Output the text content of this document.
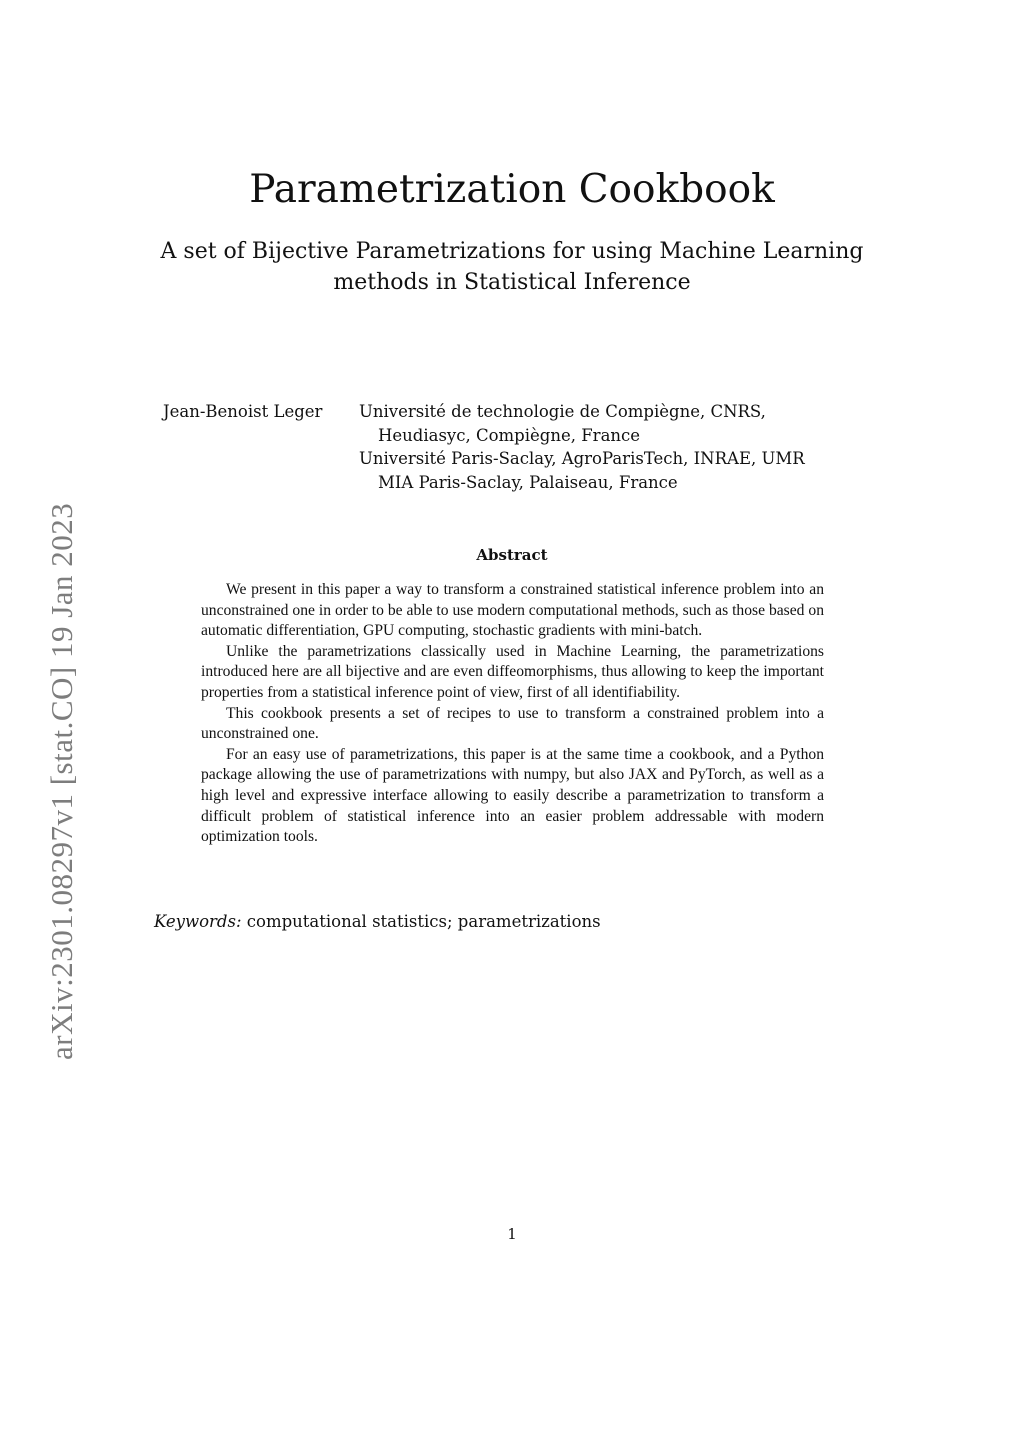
arXiv:2301.08297v1 [stat.CO] 19 Jan 2023
Parametrization Cookbook
A set of Bijective Parametrizations for using Machine Learning methods in Statistical Inference
Jean-Benoist Leger Université de technologie de Compiègne, CNRS, Heudiasyc, Compiègne, France
Université Paris-Saclay, AgroParisTech, INRAE, UMR MIA Paris-Saclay, Palaiseau, France
Abstract

We present in this paper a way to transform a constrained statistical inference problem into an unconstrained one in order to be able to use modern computational methods, such as those based on automatic differentiation, GPU computing, stochastic gradients with mini-batch.

Unlike the parametrizations classically used in Machine Learning, the parametrizations introduced here are all bijective and are even diffeomorphisms, thus allowing to keep the important properties from a statistical inference point of view, first of all identifiability.

This cookbook presents a set of recipes to use to transform a constrained problem into a unconstrained one.

For an easy use of parametrizations, this paper is at the same time a cookbook, and a Python package allowing the use of parametrizations with numpy, but also JAX and PyTorch, as well as a high level and expressive interface allowing to easily describe a parametrization to transform a difficult problem of statistical inference into an easier problem addressable with modern optimization tools.

Keywords: computational statistics; parametrizations
1
